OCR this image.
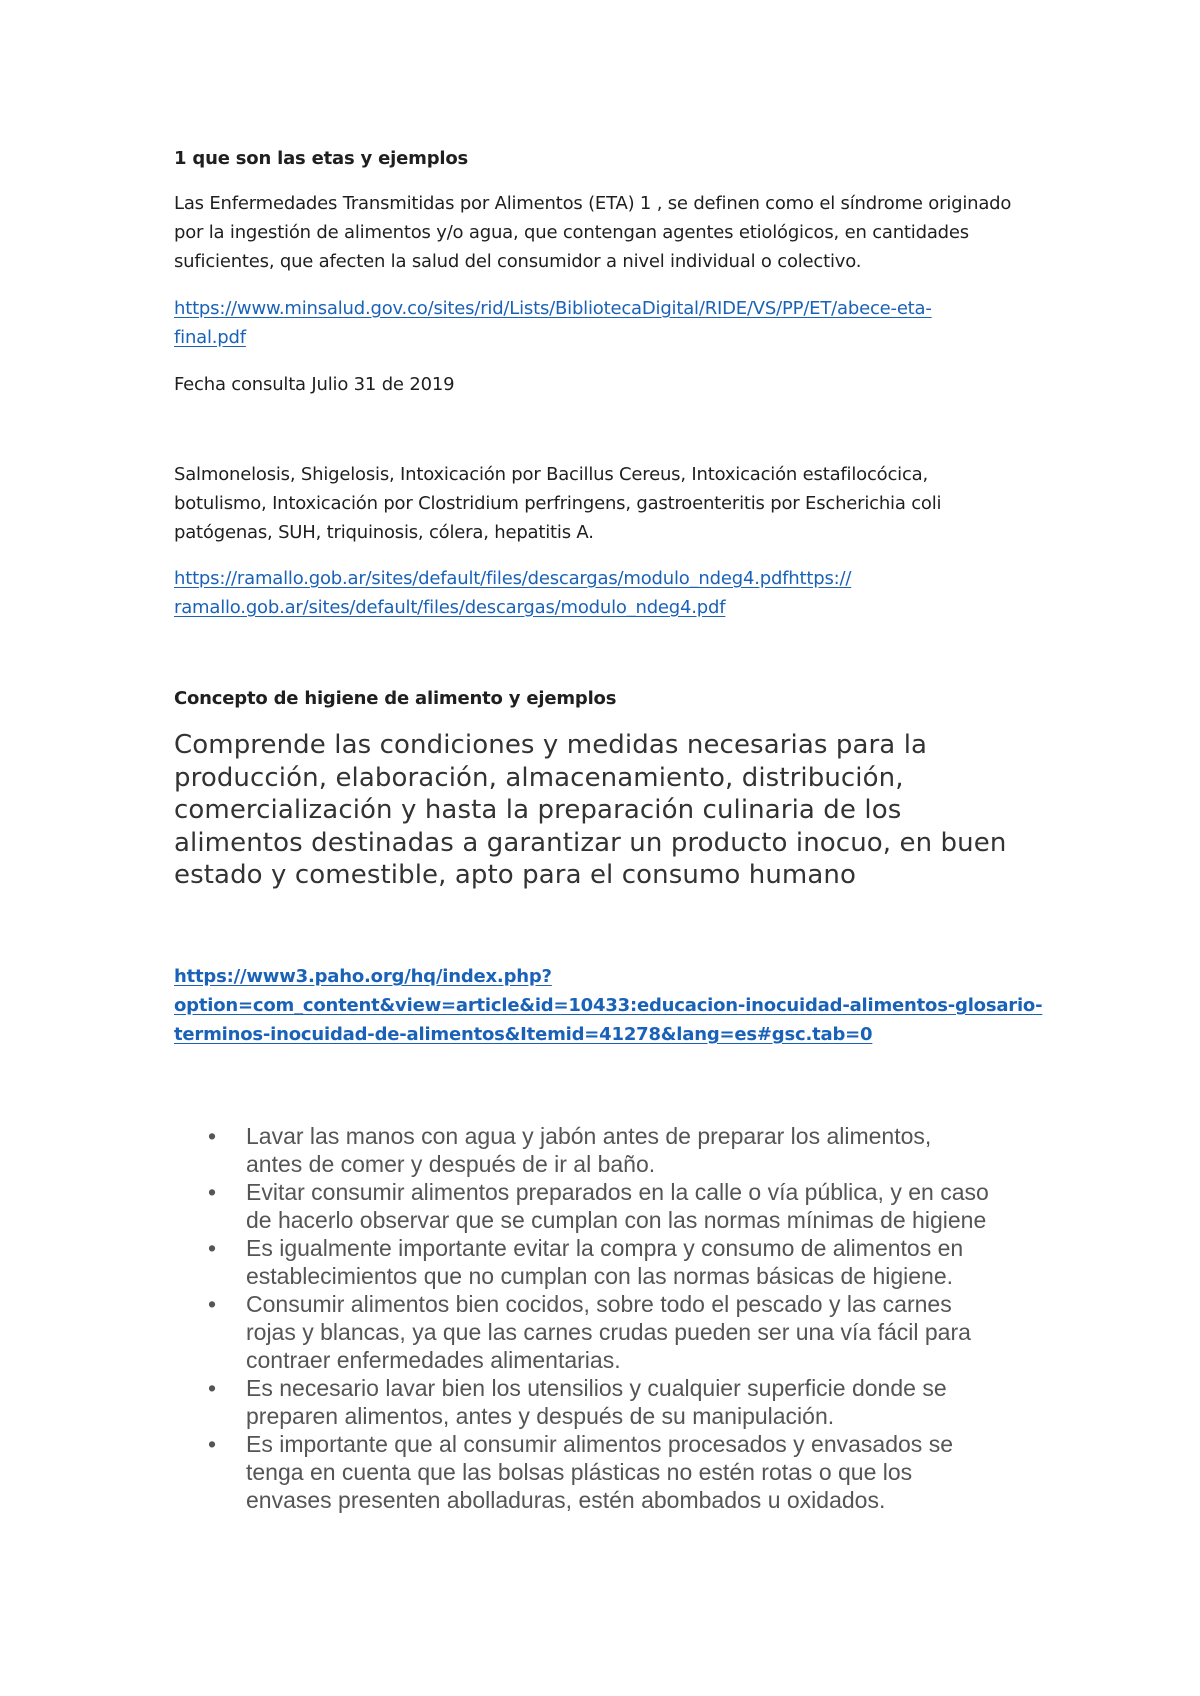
1 que son las etas y ejemplos

Las Enfermedades Transmitidas por Alimentos (ETA) 1 , se definen como el síndrome originado
por la ingestión de alimentos y/o agua, que contengan agentes etiológicos, en cantidades
suficientes, que afecten la salud del consumidor a nivel individual o colectivo.

https://www.minsalud.gov.co/sites/rid/Lists/BibliotecaDigital/RIDE/VS/PP/ET/abece-eta-
final.pdf

Fecha consulta Julio 31 de 2019

Salmonelosis, Shigelosis, Intoxicación por Bacillus Cereus, Intoxicación estafilocócica,
botulismo, Intoxicación por Clostridium perfringens, gastroenteritis por Escherichia coli
patógenas, SUH, triquinosis, cólera, hepatitis A.

https://ramallo.gob.ar/sites/default/files/descargas/modulo_ndeg4.pdfhttps://
ramallo.gob.ar/sites/default/files/descargas/modulo_ndeg4.pdf

Concepto de higiene de alimento y ejemplos

Comprende las condiciones y medidas necesarias para la
producción, elaboración, almacenamiento, distribución,
comercialización y hasta la preparación culinaria de los
alimentos destinadas a garantizar un producto inocuo, en buen
estado y comestible, apto para el consumo humano

https://www3.paho.org/hq/index.php?
option=com_content&view=article&id=10433:educacion-inocuidad-alimentos-glosario-
terminos-inocuidad-de-alimentos&Itemid=41278&lang=es#gsc.tab=0

• Lavar las manos con agua y jabón antes de preparar los alimentos,
antes de comer y después de ir al baño.
• Evitar consumir alimentos preparados en la calle o vía pública, y en caso
de hacerlo observar que se cumplan con las normas mínimas de higiene
• Es igualmente importante evitar la compra y consumo de alimentos en
establecimientos que no cumplan con las normas básicas de higiene.
• Consumir alimentos bien cocidos, sobre todo el pescado y las carnes
rojas y blancas, ya que las carnes crudas pueden ser una vía fácil para
contraer enfermedades alimentarias.
• Es necesario lavar bien los utensilios y cualquier superficie donde se
preparen alimentos, antes y después de su manipulación.
• Es importante que al consumir alimentos procesados y envasados se
tenga en cuenta que las bolsas plásticas no estén rotas o que los
envases presenten abolladuras, estén abombados u oxidados.
